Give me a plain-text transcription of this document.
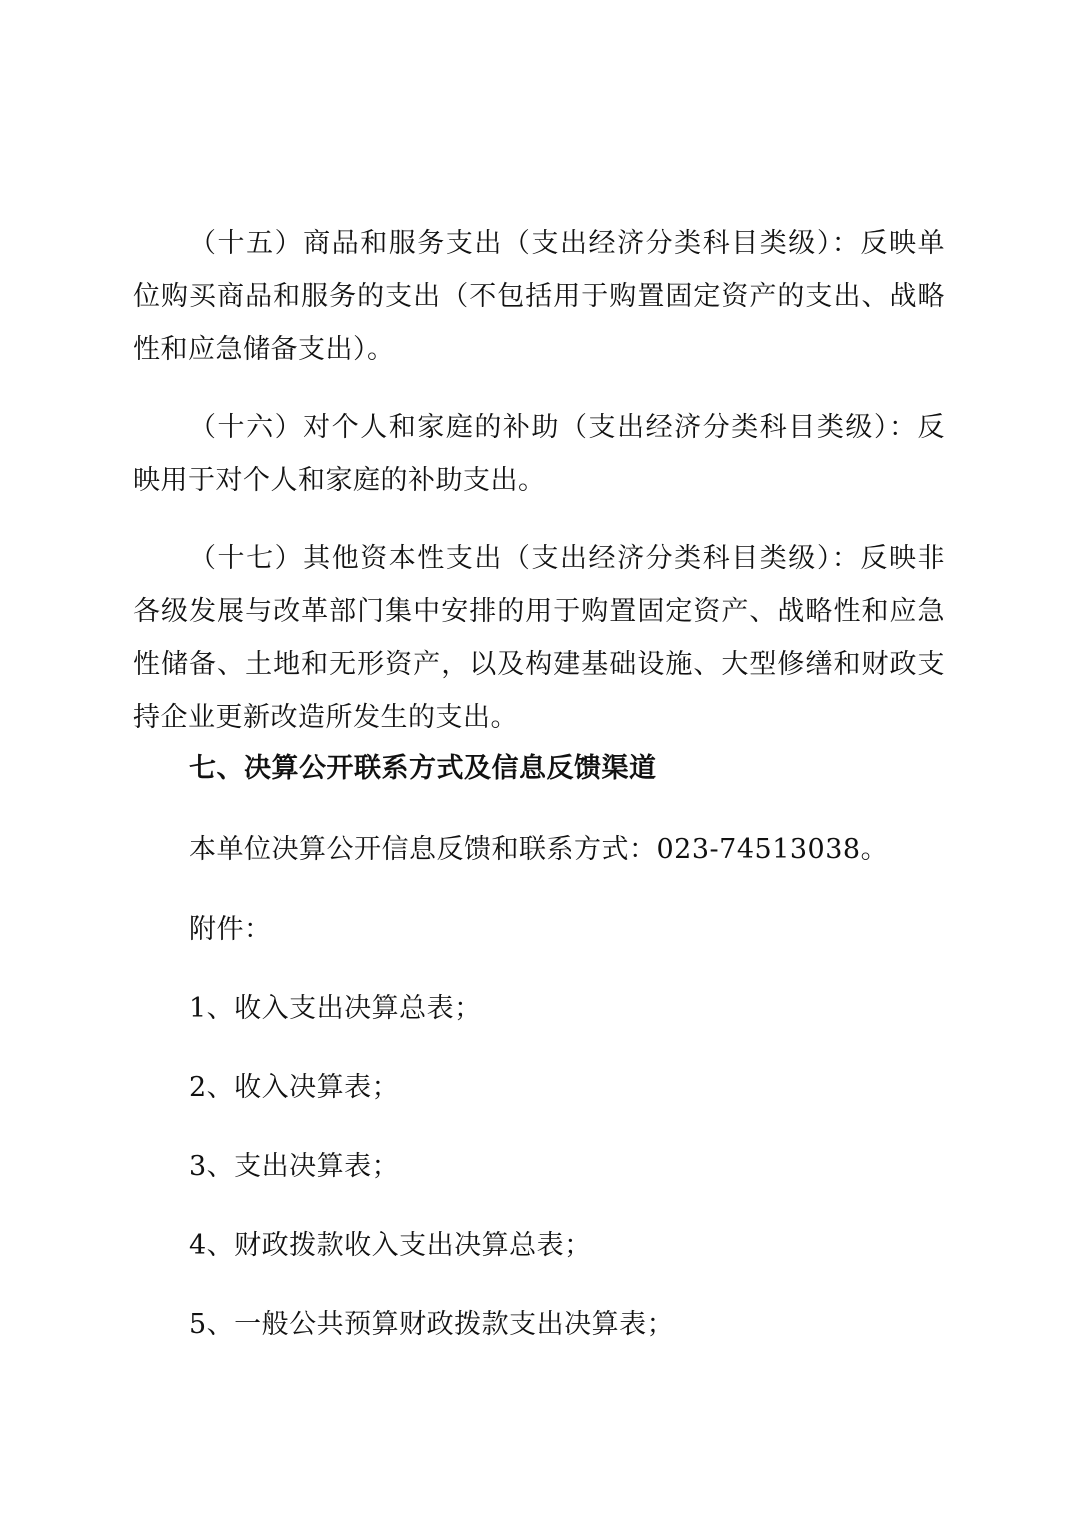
（十五）商品和服务支出（支出经济分类科目类级）：反映单位购买商品和服务的支出（不包括用于购置固定资产的支出、战略性和应急储备支出）。

（十六）对个人和家庭的补助（支出经济分类科目类级）：反映用于对个人和家庭的补助支出。

（十七）其他资本性支出（支出经济分类科目类级）：反映非各级发展与改革部门集中安排的用于购置固定资产、战略性和应急性储备、土地和无形资产，以及构建基础设施、大型修缮和财政支持企业更新改造所发生的支出。

七、决算公开联系方式及信息反馈渠道
本单位决算公开信息反馈和联系方式：023-74513038。
附件：
1、收入支出决算总表；
2、收入决算表；
3、支出决算表；
4、财政拨款收入支出决算总表；
5、一般公共预算财政拨款支出决算表；
